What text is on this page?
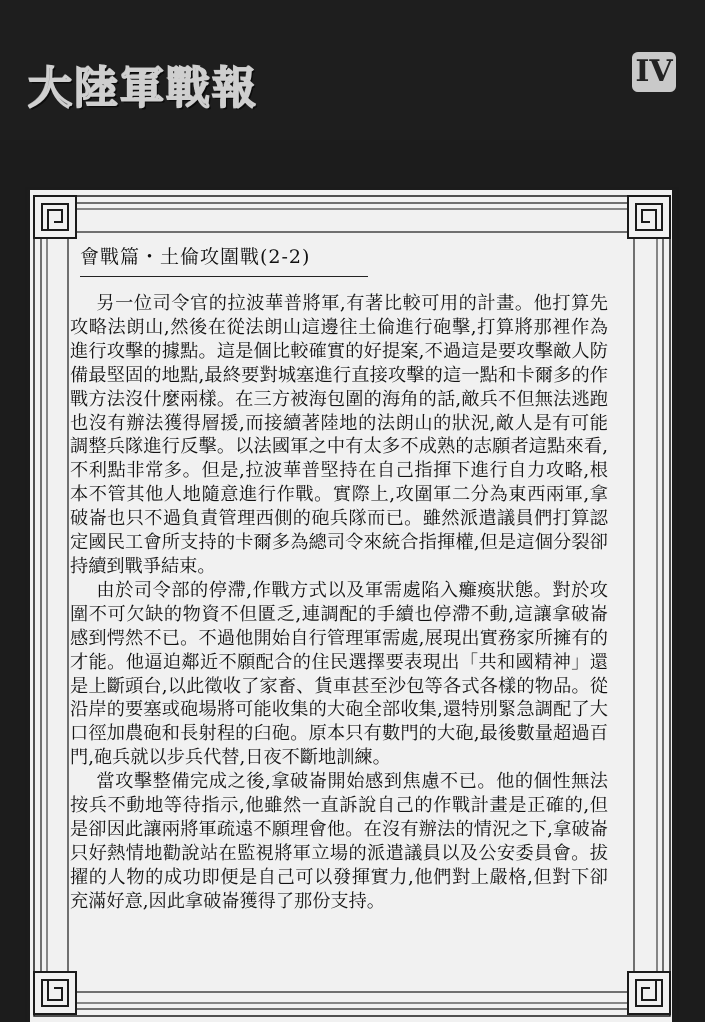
大陸軍戰報	IV
會戰篇・土倫攻圍戰(2-2)

另一位司令官的拉波華普將軍,有著比較可用的計畫。他打算先攻略法朗山,然後在從法朗山這邊往土倫進行砲擊,打算將那裡作為進行攻擊的據點。這是個比較確實的好提案,不過這是要攻擊敵人防備最堅固的地點,最終要對城塞進行直接攻擊的這一點和卡爾多的作戰方法沒什麼兩樣。在三方被海包圍的海角的話,敵兵不但無法逃跑也沒有辦法獲得層援,而接續著陸地的法朗山的狀況,敵人是有可能調整兵隊進行反擊。以法國軍之中有太多不成熟的志願者這點來看,不利點非常多。但是,拉波華普堅持在自己指揮下進行自力攻略,根本不管其他人地隨意進行作戰。實際上,攻圍軍二分為東西兩軍,拿破崙也只不過負責管理西側的砲兵隊而已。雖然派遣議員們打算認定國民工會所支持的卡爾多為總司令來統合指揮權,但是這個分裂卻持續到戰爭結束。

由於司令部的停滯,作戰方式以及軍需處陷入癱瘓狀態。對於攻圍不可欠缺的物資不但匱乏,連調配的手續也停滯不動,這讓拿破崙感到愕然不已。不過他開始自行管理軍需處,展現出實務家所擁有的才能。他逼迫鄰近不願配合的住民選擇要表現出「共和國精神」還是上斷頭台,以此徵收了家畜、貨車甚至沙包等各式各樣的物品。從沿岸的要塞或砲場將可能收集的大砲全部收集,還特別緊急調配了大口徑加農砲和長射程的臼砲。原本只有數門的大砲,最後數量超過百門,砲兵就以步兵代替,日夜不斷地訓練。

當攻擊整備完成之後,拿破崙開始感到焦慮不已。他的個性無法按兵不動地等待指示,他雖然一直訴說自己的作戰計畫是正確的,但是卻因此讓兩將軍疏遠不願理會他。在沒有辦法的情況之下,拿破崙只好熱情地勸說站在監視將軍立場的派遣議員以及公安委員會。拔擢的人物的成功即便是自己可以發揮實力,他們對上嚴格,但對下卻充滿好意,因此拿破崙獲得了那份支持。
